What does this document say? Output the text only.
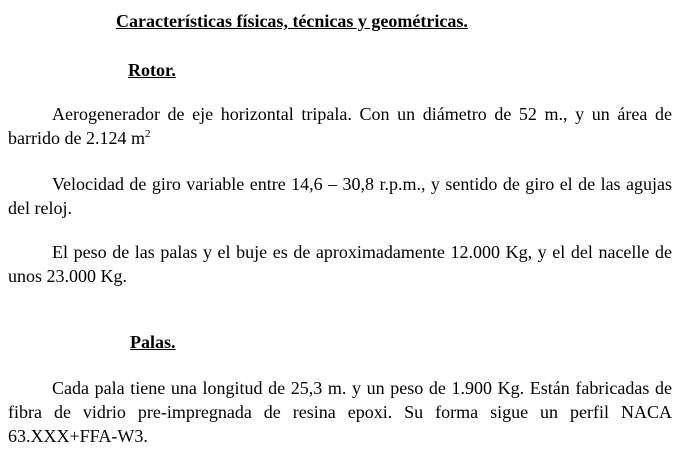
Características físicas, técnicas y geométricas.
Rotor.

Aerogenerador de eje horizontal tripala. Con un diámetro de 52 m., y un área de barrido de 2.124 $m^2$

Velocidad de giro variable entre 14,6 – 30,8 r.p.m., y sentido de giro el de las agujas del reloj.

El peso de las palas y el buje es de aproximadamente 12.000 Kg, y el del nacelle de unos 23.000 Kg.

Palas.

Cada pala tiene una longitud de 25,3 m. y un peso de 1.900 Kg. Están fabricadas de fibra de vidrio pre-impregnada de resina epoxi. Su forma sigue un perfil NACA 63.XXX+FFA-W3.
